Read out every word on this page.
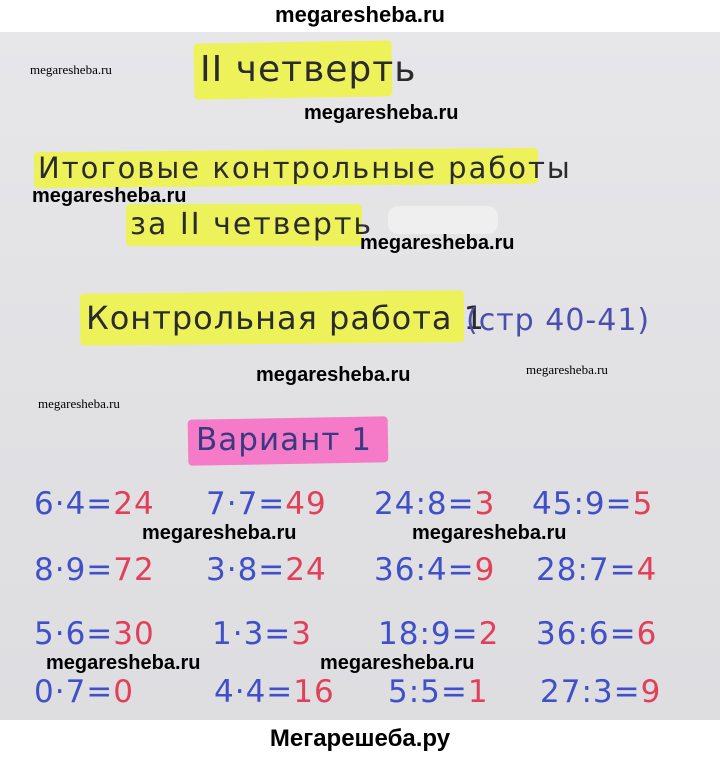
megaresheba.ru
II четверть
Итоговые контрольные работы
за II четверть
Контрольная работа 1
(стр 40-41)
Вариант 1
6·4=24 7·7=49 24:8=3 45:9=5
8·9=72 3·8=24 36:4=9 28:7=4
5·6=30 1·3=3 18:9=2 36:6=6
0·7=0	4·4=16 5:5=1 27:3=9
megaresheba.ru
megaresheba.ru
megaresheba.ru
megaresheba.ru
megaresheba.ru	megaresheba.ru
megaresheba.ru
megaresheba.ru	megaresheba.ru
megaresheba.ru	megaresheba.ru
Мегарешеба.ру
